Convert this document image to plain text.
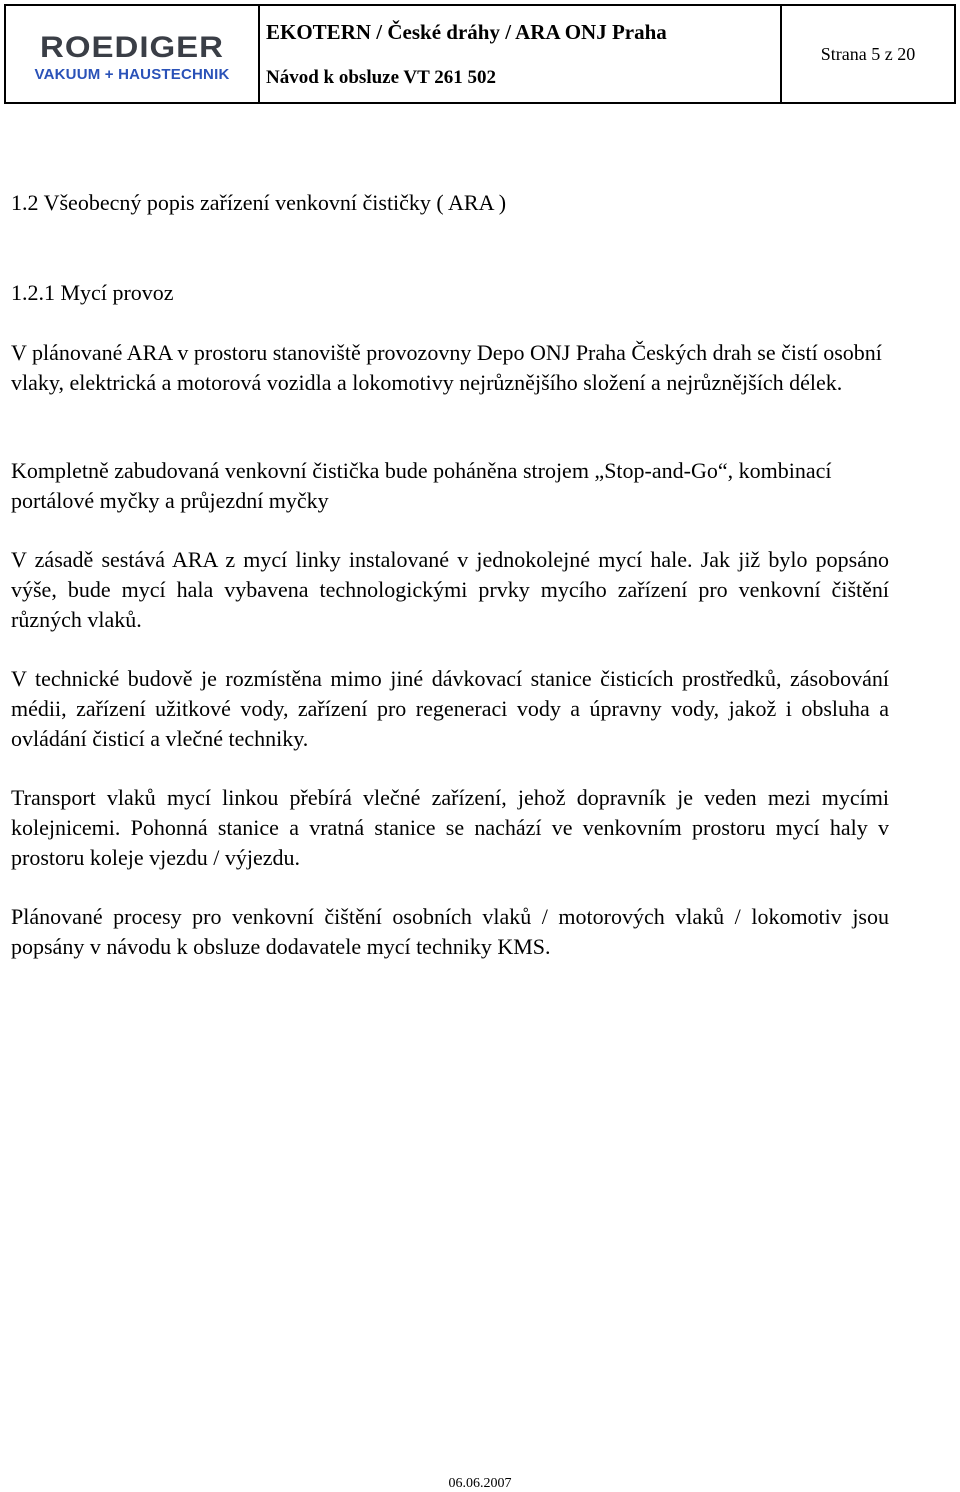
ROEDIGER
VAKUUM + HAUSTECHNIK
EKOTERN / České dráhy / ARA ONJ Praha
Návod k obsluze VT 261 502
Strana 5 z 20
1.2 Všeobecný popis zařízení venkovní čističky ( ARA )
1.2.1 Mycí provoz

V plánované ARA v prostoru stanoviště provozovny Depo ONJ Praha Českých drah se čistí osobní vlaky, elektrická a motorová vozidla a lokomotivy nejrůznějšího složení a nejrůznějších délek.

Kompletně zabudovaná venkovní čistička bude poháněna strojem „Stop-and-Go“, kombinací portálové myčky a průjezdní myčky

V zásadě sestává ARA z mycí linky instalované v jednokolejné mycí hale. Jak již bylo popsáno výše, bude mycí hala vybavena technologickými prvky mycího zařízení pro venkovní čištění různých vlaků.

V technické budově je rozmístěna mimo jiné dávkovací stanice čisticích prostředků, zásobování médii, zařízení užitkové vody, zařízení pro regeneraci vody a úpravny vody, jakož i obsluha a ovládání čisticí a vlečné techniky.

Transport vlaků mycí linkou přebírá vlečné zařízení, jehož dopravník je veden mezi mycími kolejnicemi. Pohonná stanice a vratná stanice se nachází ve venkovním prostoru mycí haly v prostoru koleje vjezdu / výjezdu.

Plánované procesy pro venkovní čištění osobních vlaků / motorových vlaků / lokomotiv jsou popsány v návodu k obsluze dodavatele mycí techniky KMS.

06.06.2007
